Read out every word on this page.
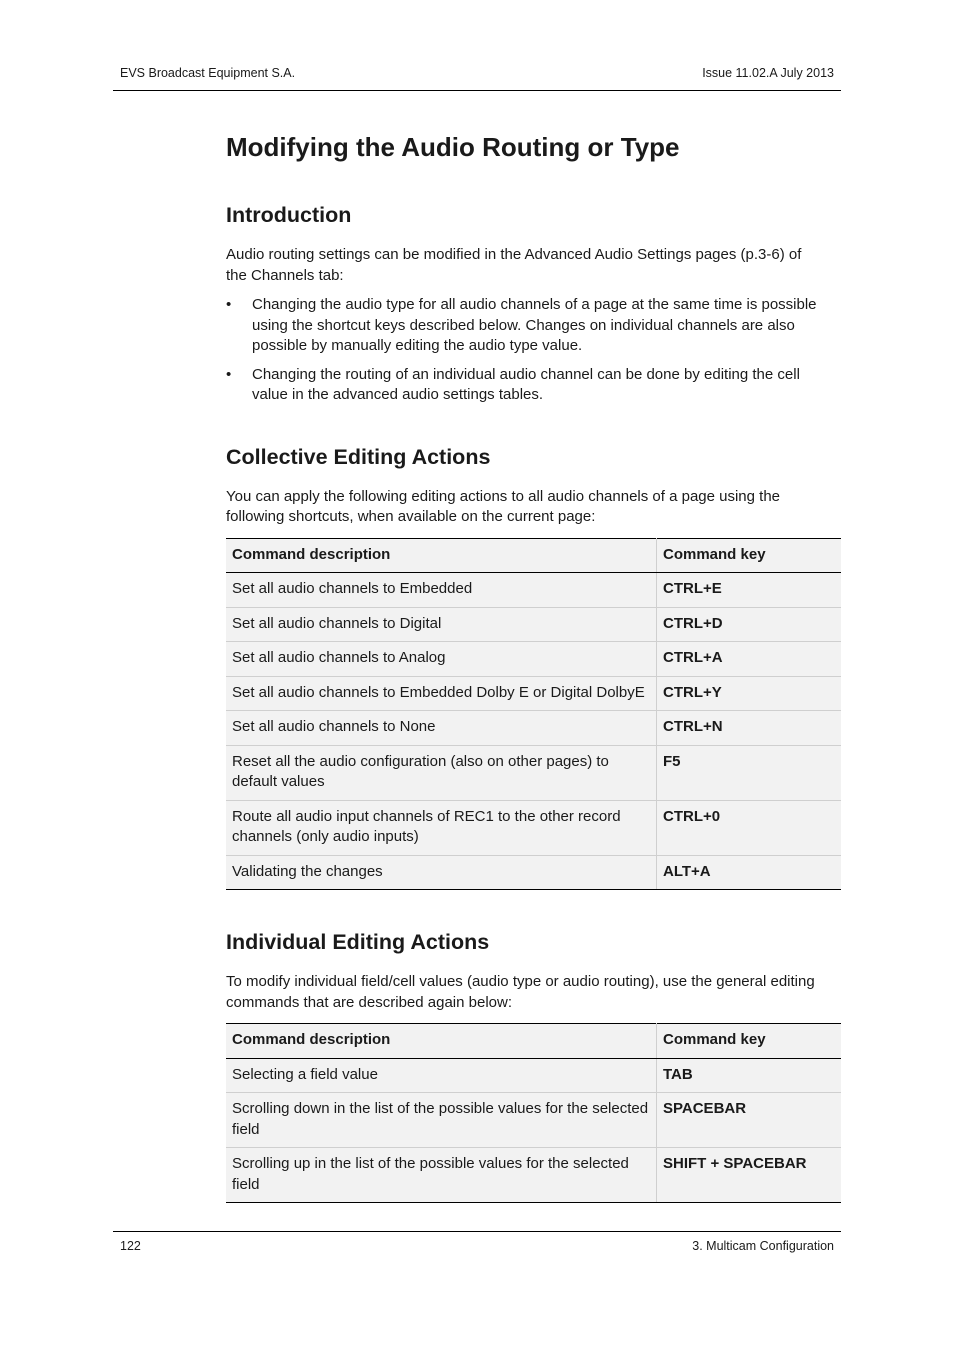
EVS Broadcast Equipment S.A.	Issue 11.02.A July 2013
Modifying the Audio Routing or Type
Introduction

Audio routing settings can be modified in the Advanced Audio Settings pages (p.3-6) of the Channels tab:

• Changing the audio type for all audio channels of a page at the same time is possible using the shortcut keys described below. Changes on individual channels are also possible by manually editing the audio type value.
• Changing the routing of an individual audio channel can be done by editing the cell value in the advanced audio settings tables.
Collective Editing Actions

You can apply the following editing actions to all audio channels of a page using the following shortcuts, when available on the current page:

Command description	Command key
Set all audio channels to Embedded	CTRL+E
Set all audio channels to Digital	CTRL+D
Set all audio channels to Analog	CTRL+A
Set all audio channels to Embedded Dolby E or Digital DolbyE	CTRL+Y
Set all audio channels to None	CTRL+N
Reset all the audio configuration (also on other pages) to default values	F5
Route all audio input channels of REC1 to the other record channels (only audio inputs)	CTRL+0
Validating the changes	ALT+A
Individual Editing Actions

To modify individual field/cell values (audio type or audio routing), use the general editing commands that are described again below:

Command description	Command key
Selecting a field value	TAB
Scrolling down in the list of the possible values for the selected field	SPACEBAR
Scrolling up in the list of the possible values for the selected field	SHIFT + SPACEBAR
122	3. Multicam Configuration
